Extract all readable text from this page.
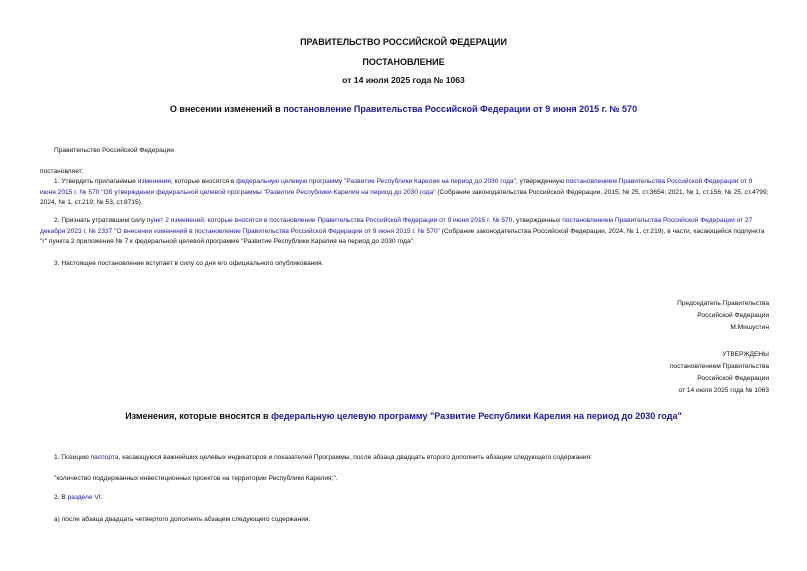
ПРАВИТЕЛЬСТВО РОССИЙСКОЙ ФЕДЕРАЦИИ
ПОСТАНОВЛЕНИЕ
от 14 июля 2025 года № 1063
О внесении изменений в постановление Правительства Российской Федерации от 9 июня 2015 г. № 570
Правительство Российской Федерации
постановляет:
1. Утвердить прилагаемые изменения, которые вносятся в федеральную целевую программу "Развитие Республики Карелия на период до 2030 года", утвержденную постановлением Правительства Российской Федерации от 9 июня 2015 г. № 570 "Об утверждении федеральной целевой программы "Развитие Республики Карелия на период до 2030 года" (Собрание законодательства Российской Федерации, 2015, № 25, ст.3654; 2021, № 1, ст.156; № 25, ст.4799; 2024, № 1, ст.219; № 53, ст.8715).
2. Признать утратившим силу пункт 2 изменений, которые вносятся в постановление Правительства Российской Федерации от 9 июня 2015 г. № 570, утвержденных постановлением Правительства Российской Федерации от 27 декабря 2023 г. № 2337 "О внесении изменений в постановление Правительства Российской Федерации от 9 июня 2015 г. № 570" (Собрание законодательства Российской Федерации, 2024, № 1, ст.219), в части, касающейся подпункта "г" пункта 2 приложения № 7 к федеральной целевой программе "Развитие Республики Карелия на период до 2030 года".
3. Настоящее постановление вступает в силу со дня его официального опубликования.
Председатель Правительства
Российской Федерации
М.Мишустин
УТВЕРЖДЕНЫ
постановлением Правительства
Российской Федерации
от 14 июля 2025 года № 1063
Изменения, которые вносятся в федеральную целевую программу "Развитие Республики Карелия на период до 2030 года"
1. Позицию паспорта, касающуюся важнейших целевых индикаторов и показателей Программы, после абзаца двадцать второго дополнить абзацем следующего содержания:
"количество поддержанных инвестиционных проектов на территории Республики Карелия;".
2. В разделе VI:
а) после абзаца двадцать четвертого дополнить абзацем следующего содержания:
